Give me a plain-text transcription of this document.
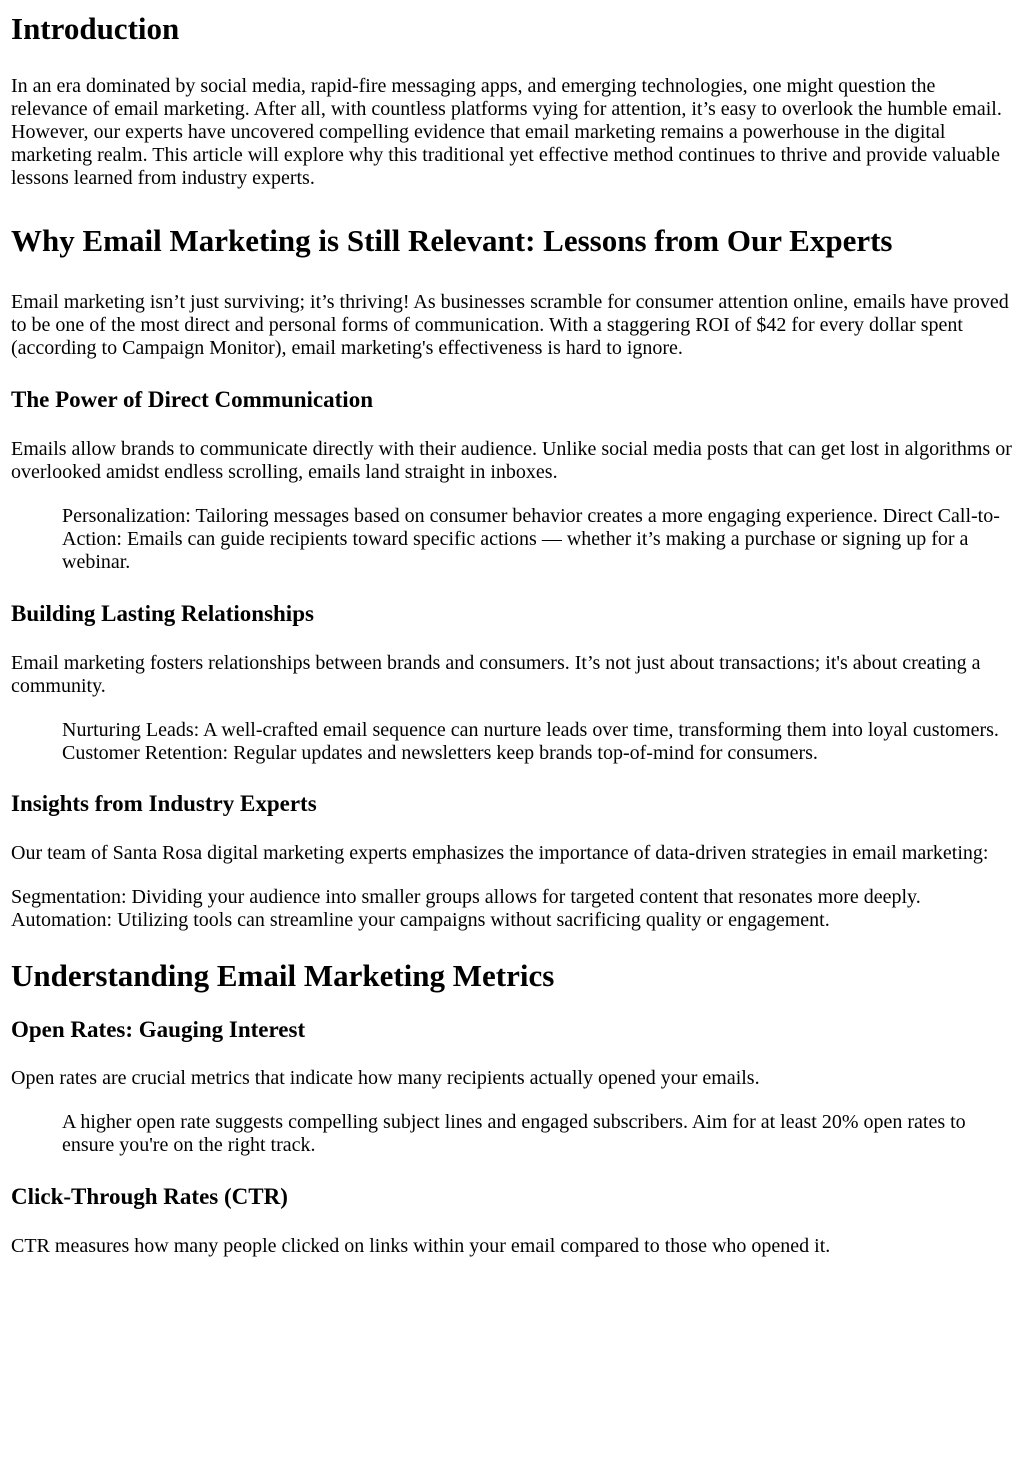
Introduction

In an era dominated by social media, rapid-fire messaging apps, and emerging technologies, one might question the relevance of email marketing. After all, with countless platforms vying for attention, it’s easy to overlook the humble email. However, our experts have uncovered compelling evidence that email marketing remains a powerhouse in the digital marketing realm. This article will explore why this traditional yet effective method continues to thrive and provide valuable lessons learned from industry experts.

Why Email Marketing is Still Relevant: Lessons from Our Experts

Email marketing isn’t just surviving; it’s thriving! As businesses scramble for consumer attention online, emails have proved to be one of the most direct and personal forms of communication. With a staggering ROI of $42 for every dollar spent (according to Campaign Monitor), email marketing's effectiveness is hard to ignore.

The Power of Direct Communication

Emails allow brands to communicate directly with their audience. Unlike social media posts that can get lost in algorithms or overlooked amidst endless scrolling, emails land straight in inboxes.

Personalization: Tailoring messages based on consumer behavior creates a more engaging experience. Direct Call-to-Action: Emails can guide recipients toward specific actions — whether it’s making a purchase or signing up for a webinar.
Building Lasting Relationships

Email marketing fosters relationships between brands and consumers. It’s not just about transactions; it's about creating a community.

Nurturing Leads: A well-crafted email sequence can nurture leads over time, transforming them into loyal customers. Customer Retention: Regular updates and newsletters keep brands top-of-mind for consumers.
Insights from Industry Experts

Our team of Santa Rosa digital marketing experts emphasizes the importance of data-driven strategies in email marketing:

Segmentation: Dividing your audience into smaller groups allows for targeted content that resonates more deeply. Automation: Utilizing tools can streamline your campaigns without sacrificing quality or engagement.

Understanding Email Marketing Metrics
Open Rates: Gauging Interest

Open rates are crucial metrics that indicate how many recipients actually opened your emails.

A higher open rate suggests compelling subject lines and engaged subscribers. Aim for at least 20% open rates to ensure you're on the right track.
Click-Through Rates (CTR)

CTR measures how many people clicked on links within your email compared to those who opened it.
